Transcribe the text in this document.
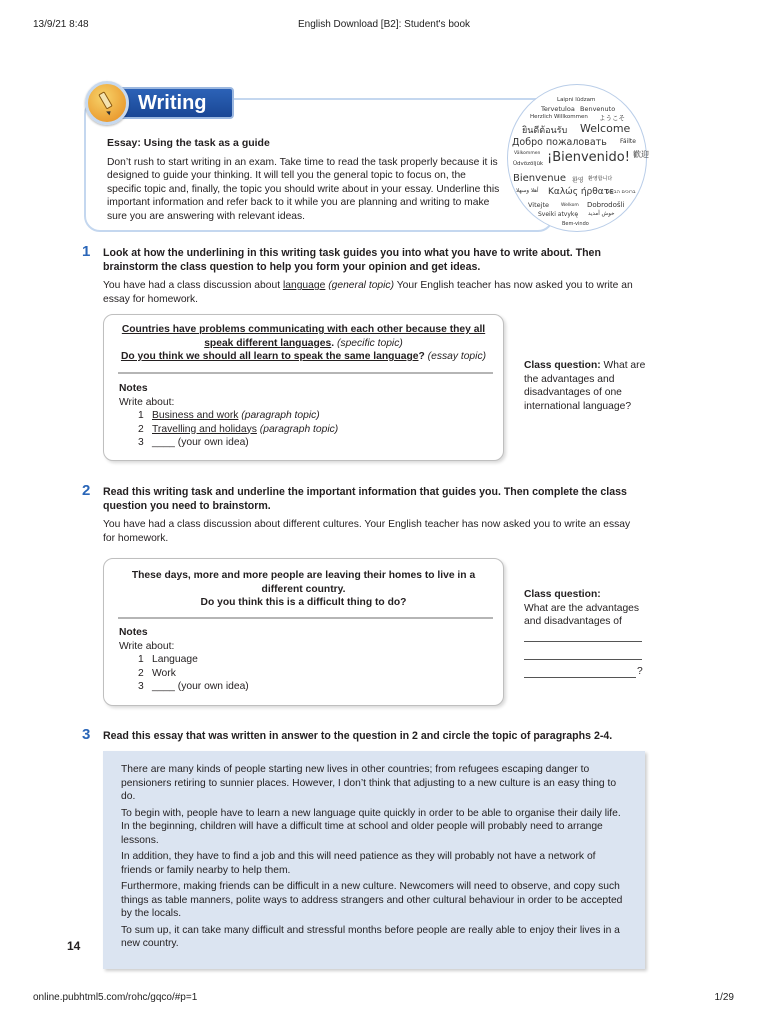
13/9/21 8:48	English Download [B2]: Student's book
online.pubhtml5.com/rohc/gqco/#p=1	1/29
Writing
Essay: Using the task as a guide

Don’t rush to start writing in an exam. Take time to read the task properly because it is designed to guide your thinking. It will tell you the general topic to focus on, the specific topic and, finally, the topic you should write about in your essay. Underline this important information and refer back to it while you are planning and writing to make sure you are answering with relevant ideas.

Laipni lūdzam
Tervetuloa Benvenuto
Herzlich Willkommen ようこそ
ยินดีต้อนรับ Welcome
Добро пожаловать Fáilte
Välkommen
Üdvözöljük ¡Bienvenido! 歡迎
Bienvenue 환영 환영합니다
أهلا وسهلا Καλώς ήρθατε
ברוכים הבאים
Vitejte	Welkom Dobrodošli
Sveiki atvykę خوش آمدید
Bem-vindo
1 Look at how the underlining in this writing task guides you into what you have to write about. Then brainstorm the class question to help you form your opinion and get ideas.
You have had a class discussion about language (general topic) Your English teacher has now asked you to write an essay for homework.
Countries have problems communicating with each other because they all speak different languages. (specific topic)
Do you think we should all learn to speak the same language? (essay topic)
Notes
Write about:
1 Business and work (paragraph topic)
2 Travelling and holidays (paragraph topic)
3 ____ (your own idea)
Class question: What are the advantages and disadvantages of one international language?
2 Read this writing task and underline the important information that guides you. Then complete the class question you need to brainstorm.
You have had a class discussion about different cultures. Your English teacher has now asked you to write an essay for homework.
These days, more and more people are leaving their homes to live in a different country.
Do you think this is a difficult thing to do?
Notes
Write about:
1 Language
2 Work
3 ____ (your own idea)
Class question:
What are the advantages and disadvantages of
?
3 Read this essay that was written in answer to the question in 2 and circle the topic of paragraphs 2-4.

There are many kinds of people starting new lives in other countries; from refugees escaping danger to pensioners retiring to sunnier places. However, I don’t think that adjusting to a new culture is an easy thing to do.

To begin with, people have to learn a new language quite quickly in order to be able to organise their daily life. In the beginning, children will have a difficult time at school and older people will probably need to arrange lessons.

In addition, they have to find a job and this will need patience as they will probably not have a network of friends or family nearby to help them.

Furthermore, making friends can be difficult in a new culture. Newcomers will need to observe, and copy such things as table manners, polite ways to address strangers and other cultural behaviour in order to be accepted by the locals.

To sum up, it can take many difficult and stressful months before people are really able to enjoy their lives in a new country.

14
